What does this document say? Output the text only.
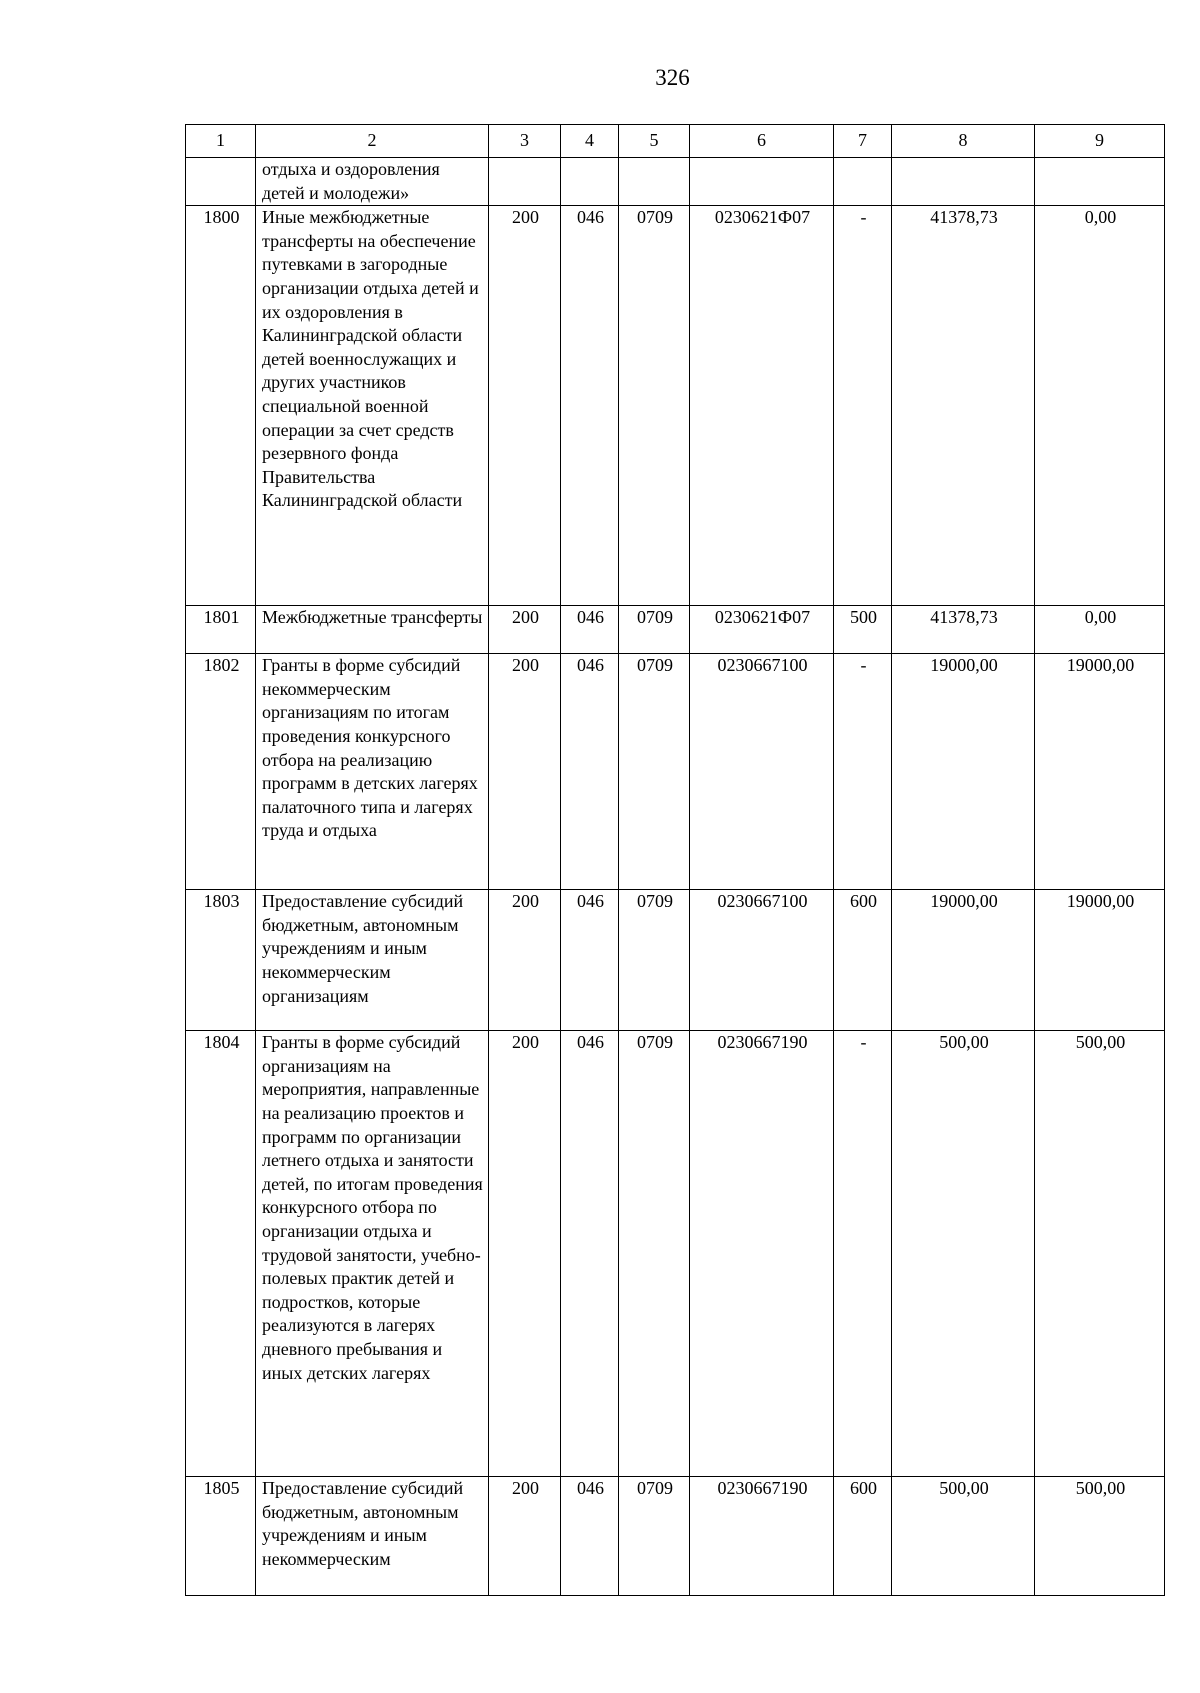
326
1	2	3	4	5	6	7	8	9
	отдыха и оздоровления детей и молодежи»							
1800	Иные межбюджетные трансферты на обеспечение путевками в загородные организации отдыха детей и их оздоровления в Калининградской области детей военнослужащих и других участников специальной военной операции за счет средств резервного фонда Правительства Калининградской области	200	046	0709	0230621Ф07	-	41378,73	0,00
1801	Межбюджетные трансферты	200	046	0709	0230621Ф07	500	41378,73	0,00
1802	Гранты в форме субсидий некоммерческим организациям по итогам проведения конкурсного отбора на реализацию программ в детских лагерях палаточного типа и лагерях труда и отдыха	200	046	0709	0230667100	-	19000,00	19000,00
1803	Предоставление субсидий бюджетным, автономным учреждениям и иным некоммерческим организациям	200	046	0709	0230667100	600	19000,00	19000,00
1804	Гранты в форме субсидий организациям на мероприятия, направленные на реализацию проектов и программ по организации летнего отдыха и занятости детей, по итогам проведения конкурсного отбора по организации отдыха и трудовой занятости, учебно-полевых практик детей и подростков, которые реализуются в лагерях дневного пребывания и иных детских лагерях	200	046	0709	0230667190	-	500,00	500,00
1805	Предоставление субсидий бюджетным, автономным учреждениям и иным некоммерческим	200	046	0709	0230667190	600	500,00	500,00
